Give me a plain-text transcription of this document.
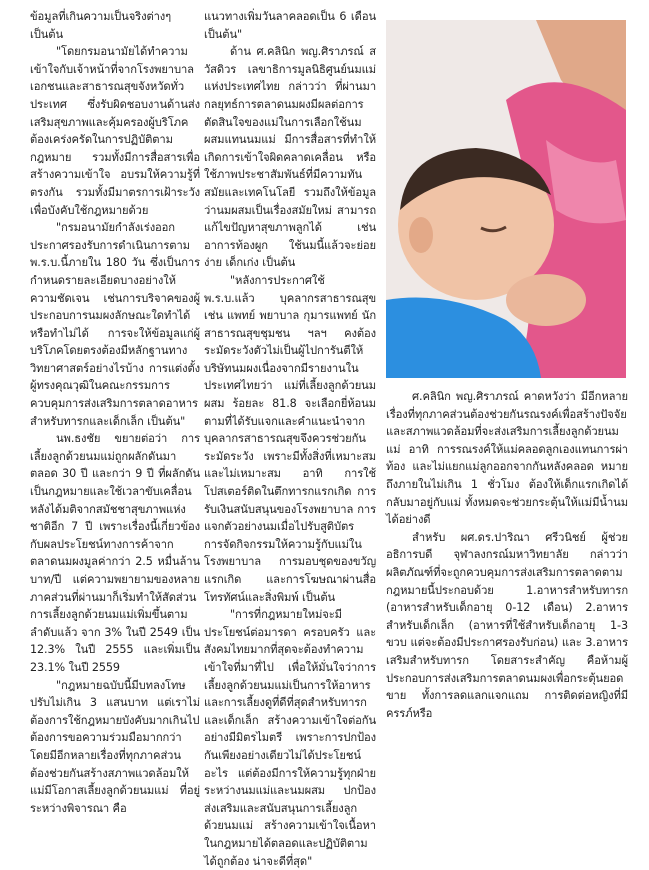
ข้อมูลที่เกินความเป็นจริงต่างๆ เป็นต้น

"โดยกรมอนามัยได้ทำความเข้าใจกับเจ้าหน้าที่จากโรงพยาบาลเอกชนและสาธารณสุขจังหวัดทั่วประเทศ ซึ่งรับผิดชอบงานด้านส่งเสริมสุขภาพและคุ้มครองผู้บริโภค ต้องเคร่งครัดในการปฏิบัติตามกฎหมาย รวมทั้งมีการสื่อสารเพื่อสร้างความเข้าใจ อบรมให้ความรู้ที่ตรงกัน รวมทั้งมีมาตรการเฝ้าระวังเพื่อบังคับใช้กฎหมายด้วย

"กรมอนามัยกำลังเร่งออกประกาศรองรับการดำเนินการตาม พ.ร.บ.นี้ภายใน 180 วัน ซึ่งเป็นการกำหนดรายละเอียดบางอย่างให้ความชัดเจน เช่นการบริจาคของผู้ประกอบการนมผงลักษณะใดทำได้หรือทำไม่ได้ การจะให้ข้อมูลแก่ผู้บริโภคโดยตรงต้องมีหลักฐานทางวิทยาศาสตร์อย่างไรบ้าง การแต่งตั้งผู้ทรงคุณวุฒิในคณะกรรมการควบคุมการส่งเสริมการตลาดอาหารสำหรับทารกและเด็กเล็ก เป็นต้น"

นพ.ธงชัย ขยายต่อว่า การเลี้ยงลูกด้วยนมแม่ถูกผลักดันมาตลอด 30 ปี และกว่า 9 ปี ที่ผลักดันเป็นกฎหมายและใช้เวลาขับเคลื่อนหลังได้มติจากสมัชชาสุขภาพแห่งชาติอีก 7 ปี เพราะเรื่องนี้เกี่ยวข้องกับผลประโยชน์ทางการค้าจากตลาดนมผงมูลค่ากว่า 2.5 หมื่นล้านบาท/ปี แต่ความพยายามของหลายภาคส่วนที่ผ่านมาก็เริ่มทำให้สัดส่วนการเลี้ยงลูกด้วยนมแม่เพิ่มขึ้นตามลำดับแล้ว จาก 3% ในปี 2549 เป็น 12.3% ในปี 2555 และเพิ่มเป็น 23.1% ในปี 2559

"กฎหมายฉบับนี้มีบทลงโทษปรับไม่เกิน 3 แสนบาท แต่เราไม่ต้องการใช้กฎหมายบังคับมากเกินไป ต้องการขอความร่วมมือมากกว่า โดยมีอีกหลายเรื่องที่ทุกภาคส่วนต้องช่วยกันสร้างสภาพแวดล้อมให้แม่มีโอกาสเลี้ยงลูกด้วยนมแม่ ที่อยู่ระหว่างพิจารณา คือ

แนวทางเพิ่มวันลาคลอดเป็น 6 เดือนเป็นต้น"

ด้าน ศ.คลินิก พญ.ศิราภรณ์ สวัสดิวร เลขาธิการมูลนิธิศูนย์นมแม่แห่งประเทศไทย กล่าวว่า ที่ผ่านมากลยุทธ์การตลาดนมผงมีผลต่อการตัดสินใจของแม่ในการเลือกใช้นมผสมแทนนมแม่ มีการสื่อสารที่ทำให้เกิดการเข้าใจผิดคลาดเคลื่อน หรือใช้ภาพประชาสัมพันธ์ที่มีความทันสมัยและเทคโนโลยี รวมถึงให้ข้อมูลว่านมผสมเป็นเรื่องสมัยใหม่ สามารถแก้ไขปัญหาสุขภาพลูกได้ เช่น อาการท้องผูก ใช้นมนี้แล้วจะย่อยง่าย เด็กเก่ง เป็นต้น

"หลังการประกาศใช้ พ.ร.บ.แล้ว บุคลากรสาธารณสุข เช่น แพทย์ พยาบาล กุมารแพทย์ นักสาธารณสุขชุมชน ฯลฯ คงต้องระมัดระวังตัวไม่เป็นผู้ไปการันตีให้บริษัทนมผงเนื่องจากมีรายงานในประเทศไทยว่า แม่ที่เลี้ยงลูกด้วยนมผสม ร้อยละ 81.8 จะเลือกยี่ห้อนมตามที่ได้รับแจกและคำแนะนำจากบุคลากรสาธารณสุขจึงควรช่วยกันระมัดระวัง เพราะมีทั้งสิ่งที่เหมาะสมและไม่เหมาะสม อาทิ การใช้โปสเตอร์ติดในตึกทารกแรกเกิด การรับเงินสนับสนุนของโรงพยาบาล การแจกตัวอย่างนมเมื่อไปรับสูติบัตร การจัดกิจกรรมให้ความรู้กับแม่ในโรงพยาบาล การมอบชุดของขวัญแรกเกิด และการโฆษณาผ่านสื่อโทรทัศน์และสิ่งพิมพ์ เป็นต้น

"การที่กฎหมายใหม่จะมีประโยชน์ต่อมารดา ครอบครัว และสังคมไทยมากที่สุดจะต้องทำความเข้าใจที่มาที่ไป เพื่อให้มั่นใจว่าการเลี้ยงลูกด้วยนมแม่เป็นการให้อาหารและการเลี้ยงดูที่ดีที่สุดสำหรับทารกและเด็กเล็ก สร้างความเข้าใจต่อกันอย่างมีมิตรไมตรี เพราะการปกป้องกันเพียงอย่างเดียวไม่ได้ประโยชน์อะไร แต่ต้องมีการให้ความรู้ทุกฝ่ายระหว่างนมแม่และนมผสม ปกป้อง ส่งเสริมและสนับสนุนการเลี้ยงลูกด้วยนมแม่ สร้างความเข้าใจเนื้อหาในกฎหมายได้ตลอดและปฏิบัติตามได้ถูกต้อง น่าจะดีที่สุด"

ศ.คลินิก พญ.ศิราภรณ์ คาดหวังว่า มีอีกหลายเรื่องที่ทุกภาคส่วนต้องช่วยกันรณรงค์เพื่อสร้างปัจจัยและสภาพแวดล้อมที่จะส่งเสริมการเลี้ยงลูกด้วยนมแม่ อาทิ การรณรงค์ให้แม่คลอดลูกเองแทนการผ่าท้อง และไม่แยกแม่ลูกออกจากกันหลังคลอด หมายถึงภายในไม่เกิน 1 ชั่วโมง ต้องให้เด็กแรกเกิดได้กลับมาอยู่กับแม่ ทั้งหมดจะช่วยกระตุ้นให้แม่มีน้ำนมได้อย่างดี

สำหรับ ผศ.ดร.ปาริณา ศรีวนิชย์ ผู้ช่วยอธิการบดี จุฬาลงกรณ์มหาวิทยาลัย กล่าวว่า ผลิตภัณฑ์ที่จะถูกควบคุมการส่งเสริมการตลาดตามกฎหมายนี้ประกอบด้วย 1.อาหารสำหรับทารก (อาหารสำหรับเด็กอายุ 0-12 เดือน) 2.อาหารสำหรับเด็กเล็ก (อาหารที่ใช้สำหรับเด็กอายุ 1-3 ขวบ แต่จะต้องมีประกาศรองรับก่อน) และ 3.อาหารเสริมสำหรับทารก โดยสาระสำคัญ คือห้ามผู้ประกอบการส่งเสริมการตลาดนมผงเพื่อกระตุ้นยอดขาย ทั้งการลดแลกแจกแถม การติดต่อหญิงที่มีครรภ์หรือ
